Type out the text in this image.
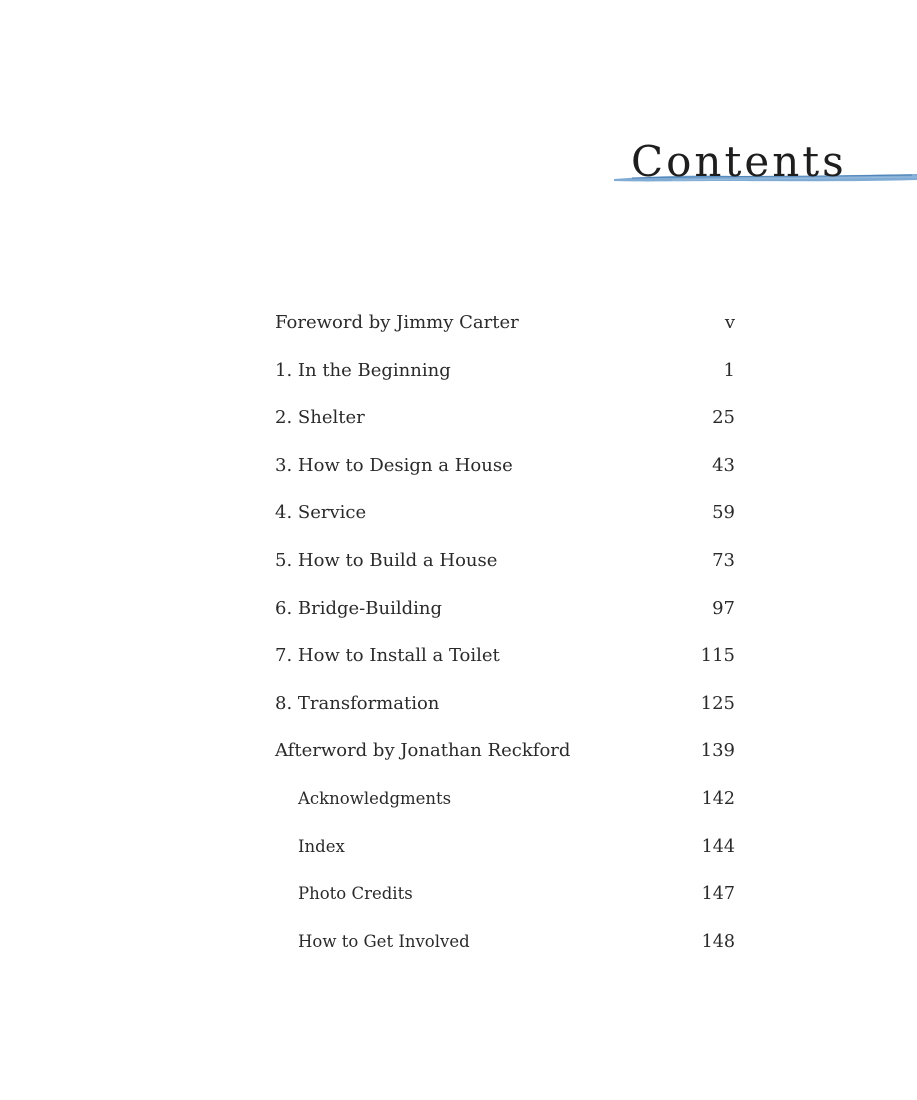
Contents
Foreword by Jimmy Carter	v
1. In the Beginning	1
2. Shelter	25
3. How to Design a House	43
4. Service	59
5. How to Build a House	73
6. Bridge-Building	97
7. How to Install a Toilet	115
8. Transformation	125
Afterword by Jonathan Reckford	139
Acknowledgments	142
Index	144
Photo Credits	147
How to Get Involved	148
